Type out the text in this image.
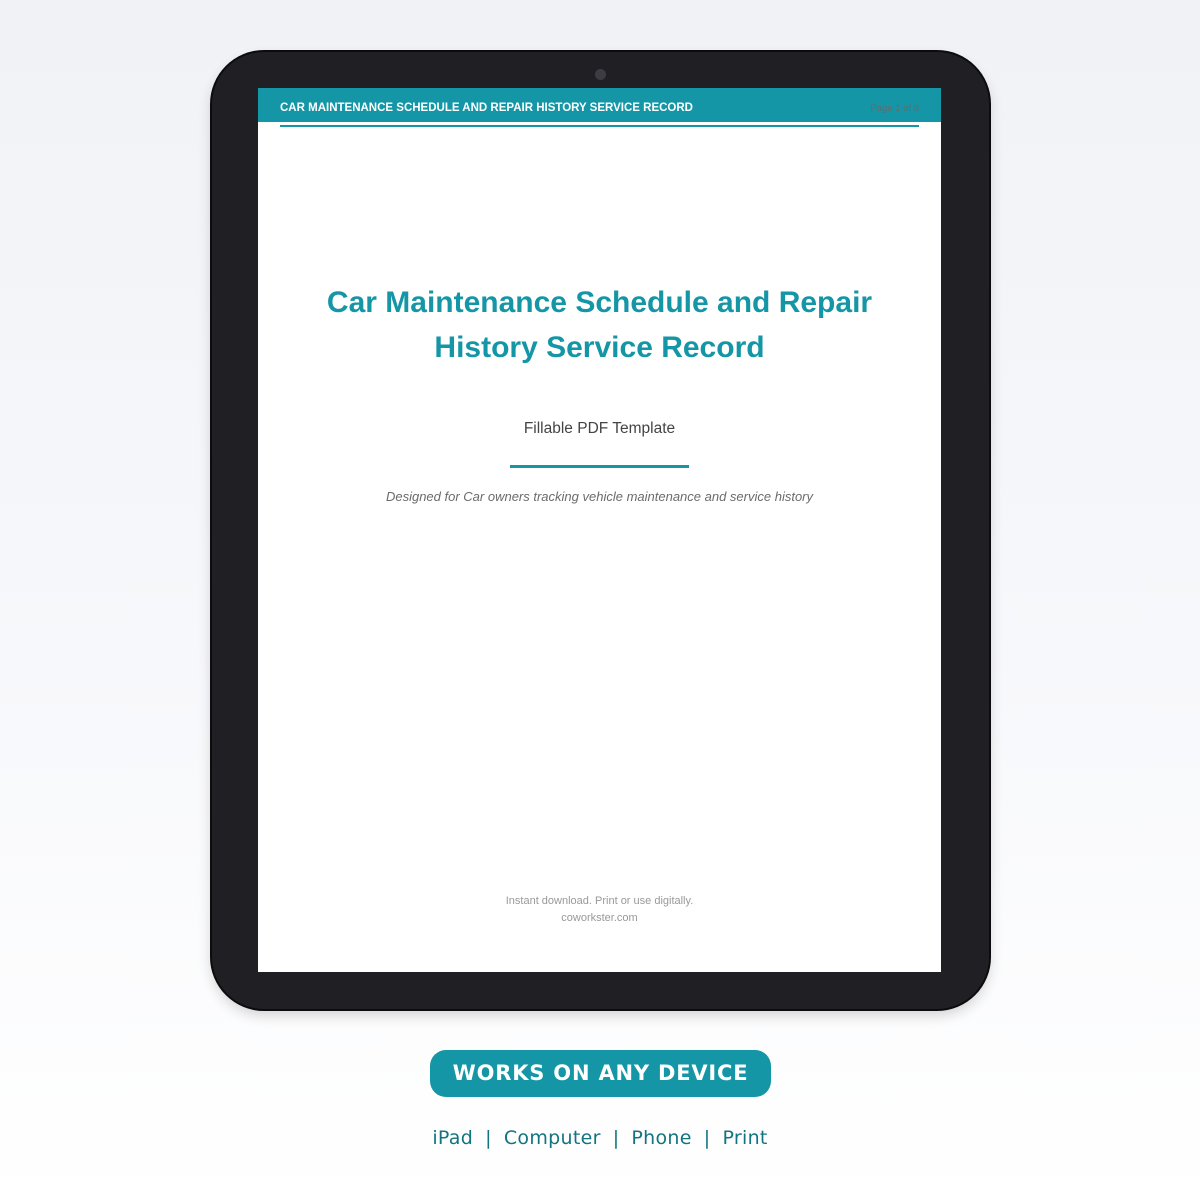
CAR MAINTENANCE SCHEDULE AND REPAIR HISTORY SERVICE RECORD	Page 1 of 8
Car Maintenance Schedule and Repair
History Service Record
Fillable PDF Template
Designed for Car owners tracking vehicle maintenance and service history
Instant download. Print or use digitally.
coworkster.com
WORKS ON ANY DEVICE
iPad | Computer | Phone | Print
